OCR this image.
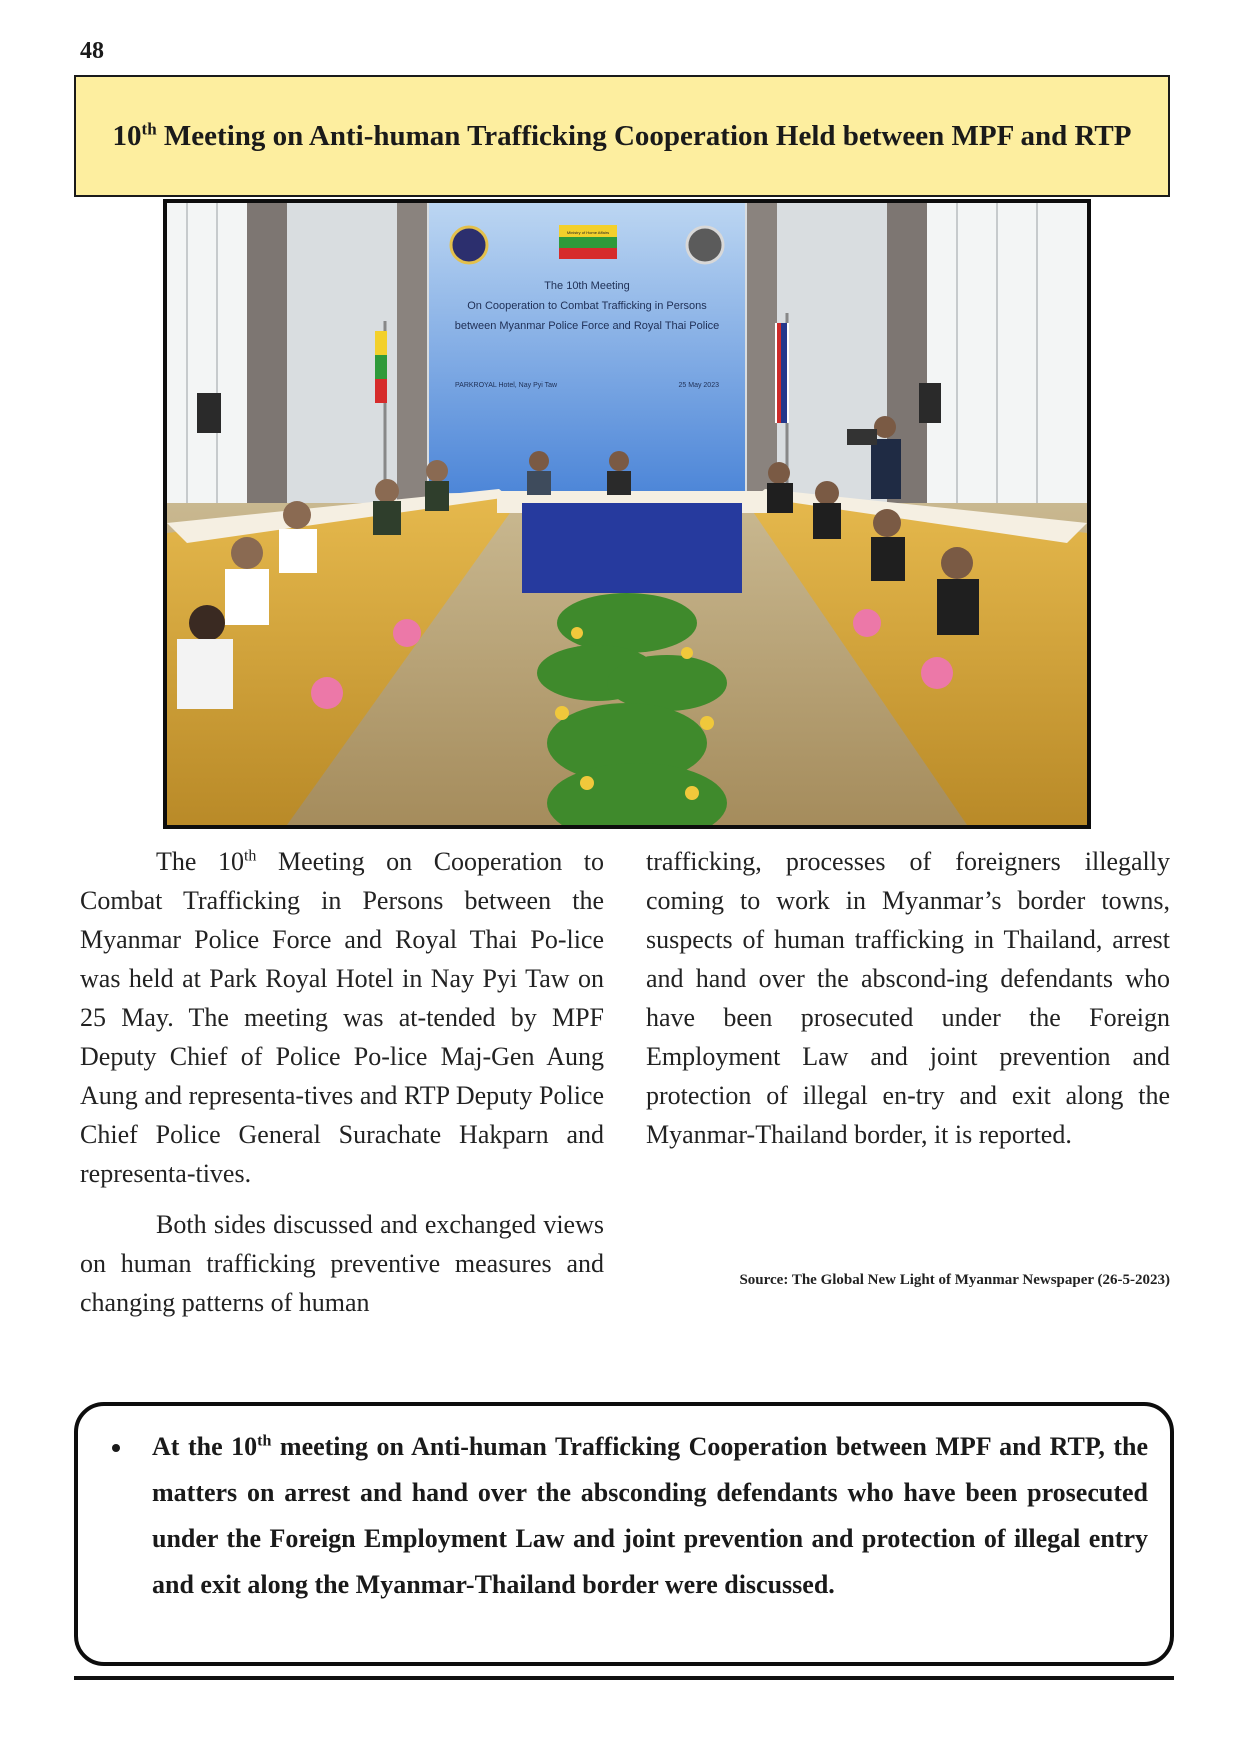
48
10th Meeting on Anti-human Trafficking Cooperation Held between MPF and RTP
Ministry of Home Affairs
The 10th Meeting
On Cooperation to Combat Trafficking in Persons
between Myanmar Police Force and Royal Thai Police
PARKROYAL Hotel, Nay Pyi Taw	25 May 2023

The 10th Meeting on Cooperation to Combat Trafficking in Persons between the Myanmar Police Force and Royal Thai Po-lice was held at Park Royal Hotel in Nay Pyi Taw on 25 May. The meeting was at-tended by MPF Deputy Chief of Police Po-lice Maj-Gen Aung Aung and representa-tives and RTP Deputy Police Chief Police General Surachate Hakparn and representa-tives.

Both sides discussed and exchanged views on human trafficking preventive measures and changing patterns of human

trafficking, processes of foreigners illegally coming to work in Myanmar’s border towns, suspects of human trafficking in Thailand, arrest and hand over the abscond-ing defendants who have been prosecuted under the Foreign Employment Law and joint prevention and protection of illegal en-try and exit along the Myanmar-Thailand border, it is reported.

Source: The Global New Light of Myanmar Newspaper (26-5-2023)
• At the 10th meeting on Anti-human Trafficking Cooperation between MPF and RTP, the matters on arrest and hand over the absconding defendants who have been prosecuted under the Foreign Employment Law and joint prevention and protection of illegal entry and exit along the Myanmar-Thailand border were discussed.
